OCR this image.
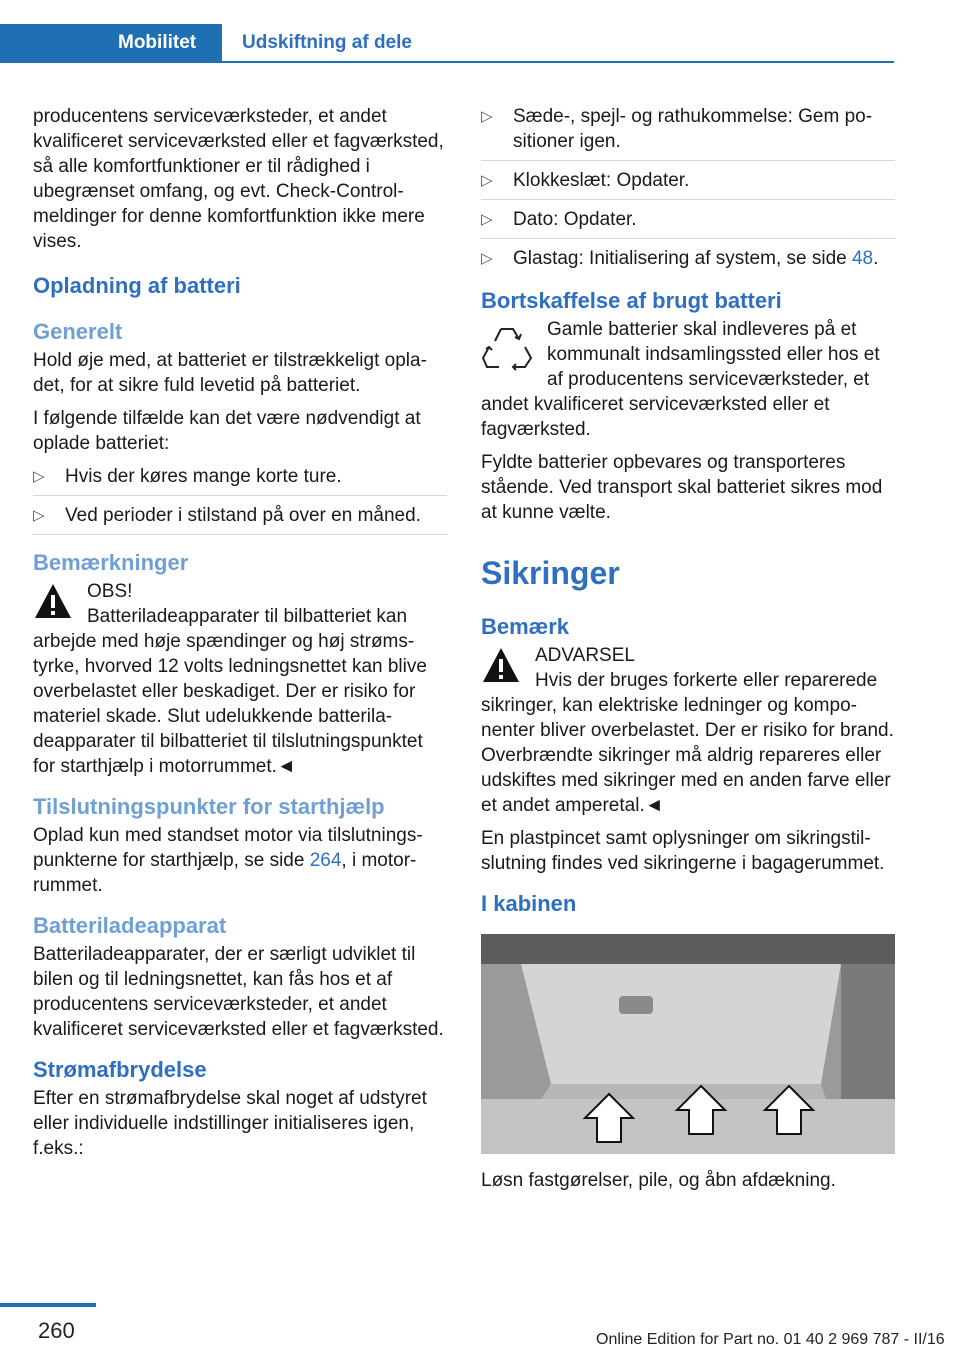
Mobilitet	Udskiftning af dele

producentens serviceværksteder, et andet kvalificeret serviceværksted eller et fagværksted, så alle komfortfunktioner er til rådighed i ubegrænset omfang, og evt. Check-Control-meldinger for denne komfortfunktion ikke mere vises.

Opladning af batteri
Generelt

Hold øje med, at batteriet er tilstrækkeligt opladet, for at sikre fuld levetid på batteriet.

I følgende tilfælde kan det være nødvendigt at oplade batteriet:

▷ Hvis der køres mange korte ture.
▷ Ved perioder i stilstand på over en måned.
Bemærkninger

OBS!

Batteriladeapparater til bilbatteriet kan arbejde med høje spændinger og høj strømstyrke, hvorved 12 volts ledningsnettet kan blive overbelastet eller beskadiget. Der er risiko for materiel skade. Slut udelukkende batteriladeapparater til bilbatteriet til tilslutningspunktet for starthjælp i motorrummet.◄

Tilslutningspunkter for starthjælp

Oplad kun med standset motor via tilslutningspunkterne for starthjælp, se side 264, i motorrummet.

Batteriladeapparat

Batteriladeapparater, der er særligt udviklet til bilen og til ledningsnettet, kan fås hos et af producentens serviceværksteder, et andet kvalificeret serviceværksted eller et fagværksted.

Strømafbrydelse

Efter en strømafbrydelse skal noget af udstyret eller individuelle indstillinger initialiseres igen, f.eks.:

▷ Sæde-, spejl- og rathukommelse: Gem positioner igen.
▷ Klokkeslæt: Opdater.
▷ Dato: Opdater.
▷ Glastag: Initialisering af system, se side 48.
Bortskaffelse af brugt batteri

Gamle batterier skal indleveres på et kommunalt indsamlingssted eller hos et af producentens serviceværksteder, et andet kvalificeret serviceværksted eller et fagværksted.

Fyldte batterier opbevares og transporteres stående. Ved transport skal batteriet sikres mod at kunne vælte.

Sikringer
Bemærk

ADVARSEL

Hvis der bruges forkerte eller reparerede sikringer, kan elektriske ledninger og komponenter bliver overbelastet. Der er risiko for brand. Overbrændte sikringer må aldrig repareres eller udskiftes med sikringer med en anden farve eller et andet amperetal.◄

En plastpincet samt oplysninger om sikringstilslutning findes ved sikringerne i bagagerummet.

I kabinen

Løsn fastgørelser, pile, og åbn afdækning.

260	Online Edition for Part no. 01 40 2 969 787 - II/16
